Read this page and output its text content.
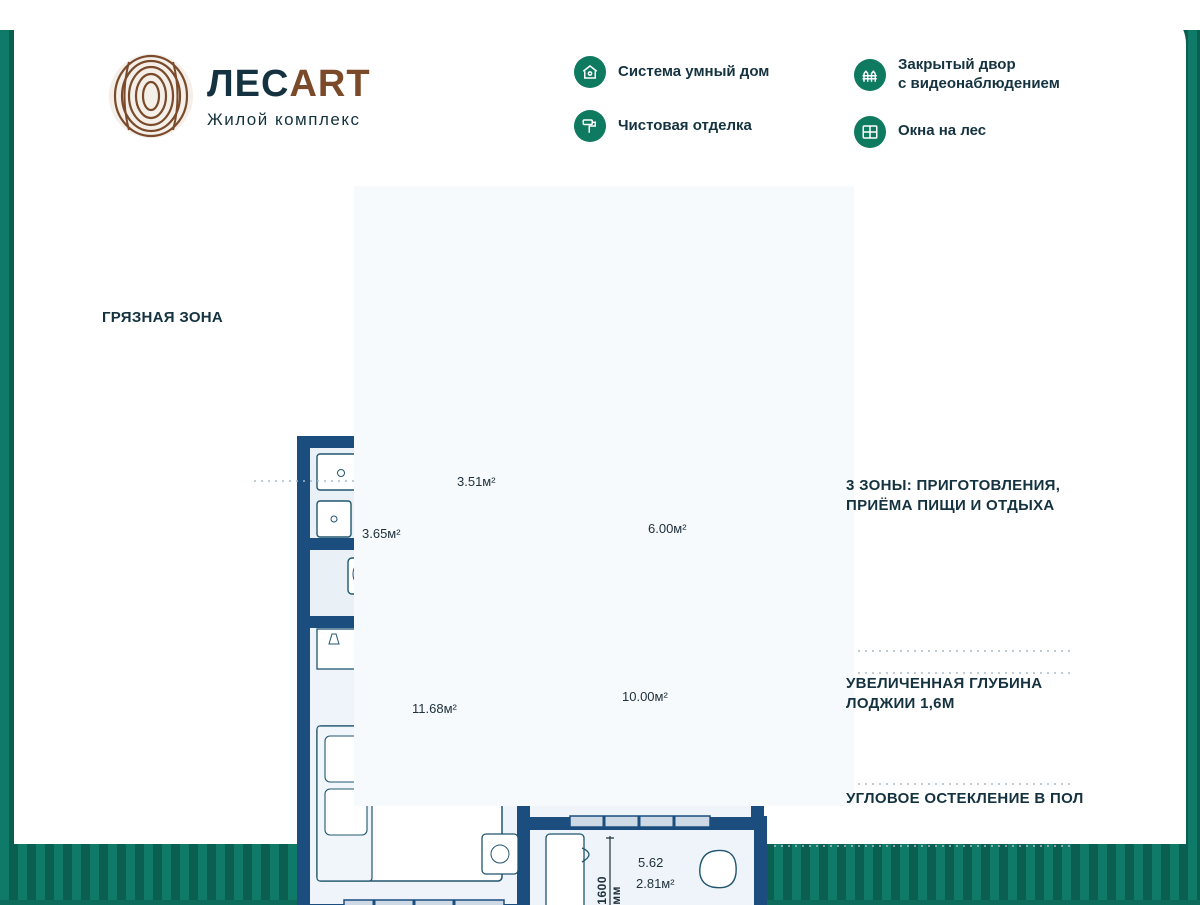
ЛЕСART
Жилой комплекс
Система умный дом
Чистовая отделка
Закрытый двор
с видеонаблюдением
Окна на лес
3.65м²
3.51м²
6.00м²
10.00м²
11.68м²
2.81м²
5.62
1600 мм
ГРЯЗНАЯ ЗОНА
3 ЗОНЫ: ПРИГОТОВЛЕНИЯ,
ПРИЁМА ПИЩИ И ОТДЫХА
УВЕЛИЧЕННАЯ ГЛУБИНА
ЛОДЖИИ 1,6М
УГЛОВОЕ ОСТЕКЛЕНИЕ В ПОЛ
